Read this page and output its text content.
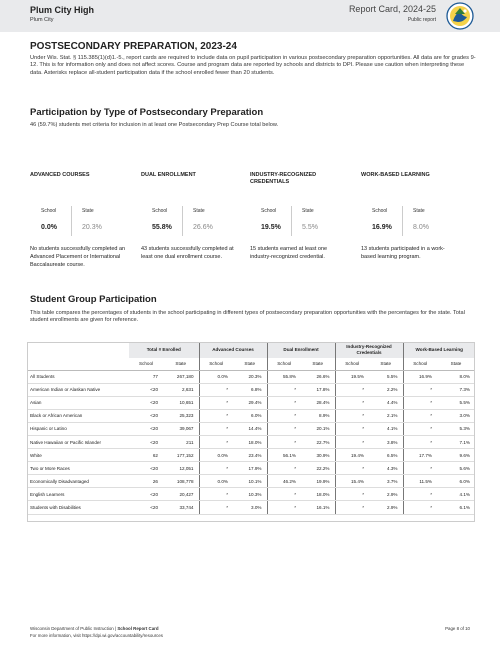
Plum City High
Plum City
Report Card, 2024-25
Public report
POSTSECONDARY PREPARATION, 2023-24

Under Wis. Stat. § 115.385(1)(d)1.-5., report cards are required to include data on pupil participation in various postsecondary preparation opportunities. All data are for grades 9-12. This is for information only and does not affect scores. Course and program data are reported by schools and districts to DPI. Please use caution when interpreting these data. Asterisks replace all-student participation data if the school enrolled fewer than 20 students.

Participation by Type of Postsecondary Preparation

46 (59.7%) students met criteria for inclusion in at least one Postsecondary Prep Course total below.

ADVANCED COURSES
School	State
0.0%	20.3%
No students successfully completed an Advanced Placement or International Baccalaureate course.
DUAL ENROLLMENT
School	State
55.8%	26.6%
43 students successfully completed at least one dual enrollment course.
INDUSTRY-RECOGNIZED CREDENTIALS
School	State
19.5%	5.5%
15 students earned at least one industry-recognized credential.
WORK-BASED LEARNING
School	State
16.9%	8.0%
13 students participated in a work-based learning program.
Student Group Participation

This table compares the percentages of students in the school participating in different types of postsecondary preparation opportunities with the percentages for the state. Total student enrollments are given for reference.

	Total # Enrolled		Advanced Courses		Dual Enrollment		Industry-Recognized Credentials		Work-Based Learning	
	School	State	School	State	School	State	School	State	School	State
All Students	77	267,180	0.0%	20.3%	55.8%	26.6%	19.5%	5.5%	16.9%	8.0%
American Indian or Alaskan Native	<20	2,631	*	6.8%	*	17.8%	*	2.2%	*	7.3%
Asian	<20	10,651	*	29.4%	*	28.4%	*	4.4%	*	5.5%
Black or African American	<20	25,323	*	6.0%	*	8.9%	*	2.1%	*	3.0%
Hispanic or Latino	<20	39,067	*	14.4%	*	20.1%	*	4.1%	*	5.3%
Native Hawaiian or Pacific Islander	<20	211	*	18.0%	*	22.7%	*	3.8%	*	7.1%
White	62	177,152	0.0%	23.4%	56.1%	30.9%	19.4%	6.5%	17.7%	9.6%
Two or More Races	<20	12,051	*	17.9%	*	22.2%	*	4.3%	*	5.6%
Economically Disadvantaged	26	108,778	0.0%	10.1%	46.2%	19.9%	15.4%	3.7%	11.5%	6.0%
English Learners	<20	20,427	*	10.3%	*	18.0%	*	2.9%	*	4.1%
Students with Disabilities	<20	33,744	*	3.0%	*	16.1%	*	2.9%	*	6.1%
Wisconsin Department of Public Instruction | School Report Card
For more information, visit https://dpi.wi.gov/accountability/resources
Page 8 of 10
